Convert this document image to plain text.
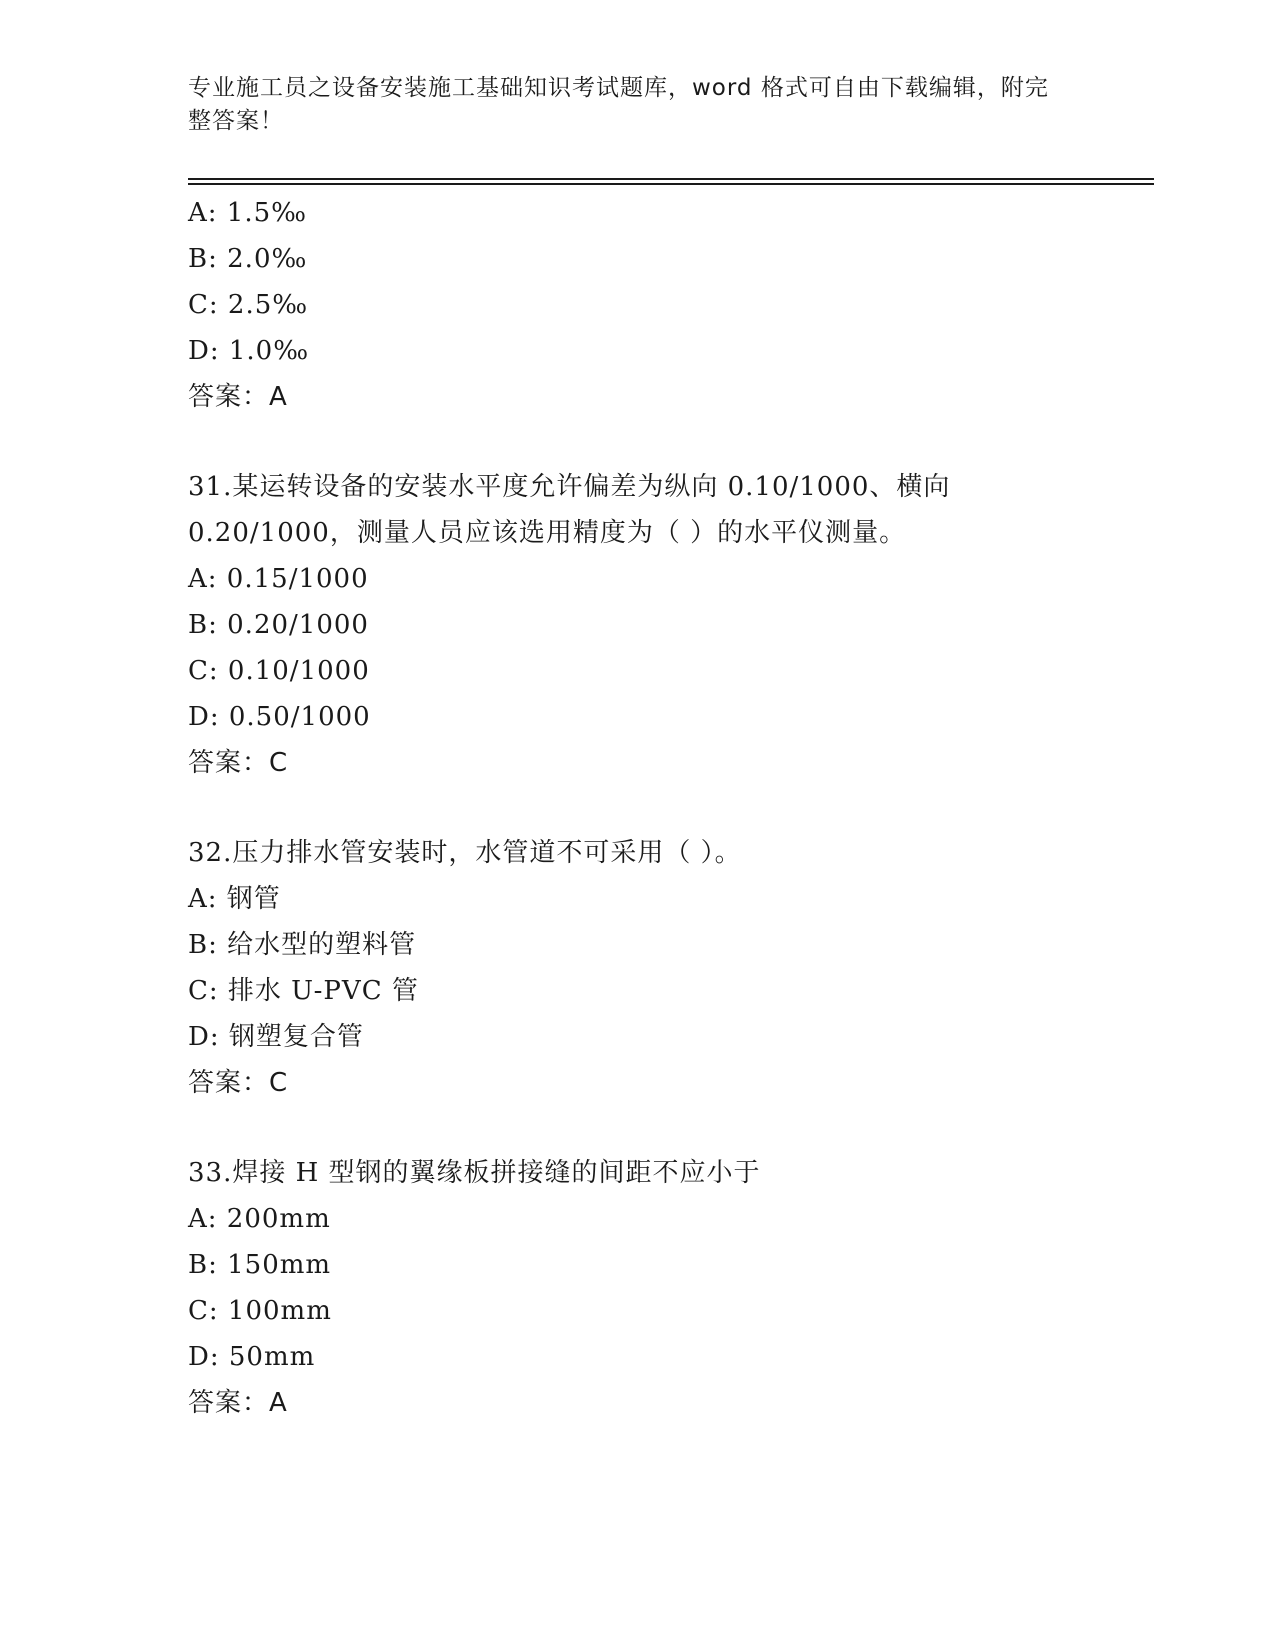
专业施工员之设备安装施工基础知识考试题库，word 格式可自由下载编辑，附完
整答案！
A: 1.5‰
B: 2.0‰
C: 2.5‰
D: 1.0‰
答案：A
31.某运转设备的安装水平度允许偏差为纵向 0.10/1000、横向
0.20/1000，测量人员应该选用精度为（ ）的水平仪测量。
A: 0.15/1000
B: 0.20/1000
C: 0.10/1000
D: 0.50/1000
答案：C
32.压力排水管安装时，水管道不可采用（ ）。
A: 钢管
B: 给水型的塑料管
C: 排水 U-PVC 管
D: 钢塑复合管
答案：C
33.焊接 H 型钢的翼缘板拼接缝的间距不应小于
A: 200mm
B: 150mm
C: 100mm
D: 50mm
答案：A
